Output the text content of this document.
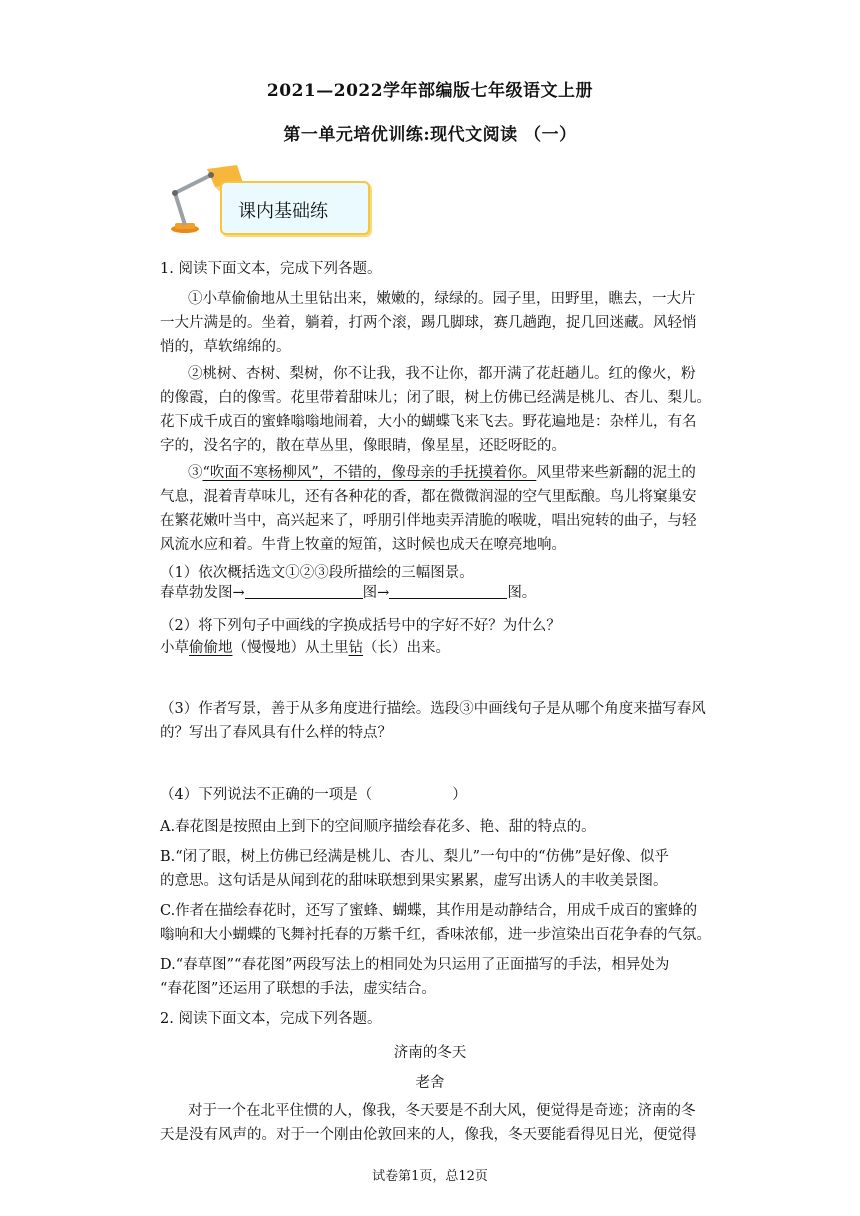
2021—2022学年部编版七年级语文上册
第一单元培优训练:现代文阅读 （一）
课内基础练
1. 阅读下面文本，完成下列各题。
①小草偷偷地从土里钻出来，嫩嫩的，绿绿的。园子里，田野里，瞧去，一大片
一大片满是的。坐着，躺着，打两个滚，踢几脚球，赛几趟跑，捉几回迷藏。风轻悄
悄的，草软绵绵的。
②桃树、杏树、梨树，你不让我，我不让你，都开满了花赶趟儿。红的像火，粉
的像霞，白的像雪。花里带着甜味儿；闭了眼，树上仿佛已经满是桃儿、杏儿、梨儿。
花下成千成百的蜜蜂嗡嗡地闹着，大小的蝴蝶飞来飞去。野花遍地是：杂样儿，有名
字的，没名字的，散在草丛里，像眼睛，像星星，还眨呀眨的。
③“吹面不寒杨柳风”，不错的，像母亲的手抚摸着你。风里带来些新翻的泥土的
气息，混着青草味儿，还有各种花的香，都在微微润湿的空气里酝酿。鸟儿将窠巢安
在繁花嫩叶当中，高兴起来了，呼朋引伴地卖弄清脆的喉咙，唱出宛转的曲子，与轻
风流水应和着。牛背上牧童的短笛，这时候也成天在嘹亮地响。
（1）依次概括选文①②③段所描绘的三幅图景。
春草勃发图→	图→	图。
（2）将下列句子中画线的字换成括号中的字好不好？为什么？
小草偷偷地（慢慢地）从土里钻（长）出来。
（3）作者写景，善于从多角度进行描绘。选段③中画线句子是从哪个角度来描写春风
的？写出了春风具有什么样的特点？
（4）下列说法不正确的一项是（	）
A.春花图是按照由上到下的空间顺序描绘春花多、艳、甜的特点的。
B.“闭了眼，树上仿佛已经满是桃儿、杏儿、梨儿”一句中的“仿佛”是好像、似乎
的意思。这句话是从闻到花的甜味联想到果实累累，虚写出诱人的丰收美景图。
C.作者在描绘春花时，还写了蜜蜂、蝴蝶，其作用是动静结合，用成千成百的蜜蜂的
嗡响和大小蝴蝶的飞舞衬托春的万紫千红，香味浓郁，进一步渲染出百花争春的气氛。
D.“春草图”“春花图”两段写法上的相同处为只运用了正面描写的手法，相异处为
“春花图”还运用了联想的手法，虚实结合。
2. 阅读下面文本，完成下列各题。
济南的冬天
老舍
对于一个在北平住惯的人，像我，冬天要是不刮大风，便觉得是奇迹；济南的冬
天是没有风声的。对于一个刚由伦敦回来的人，像我，冬天要能看得见日光，便觉得
试卷第1页，总12页
